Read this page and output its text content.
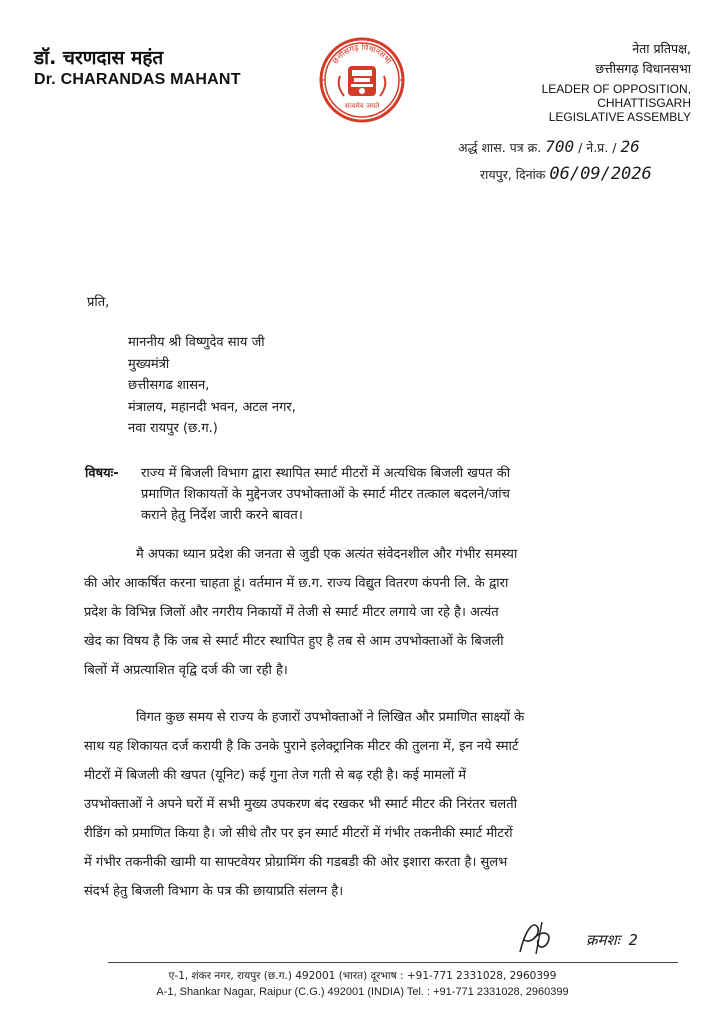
डॉ. चरणदास महंत
Dr. CHARANDAS MAHANT
छत्तीसगढ़ विधानसभा
सत्यमेव जयते
नेता प्रतिपक्ष,
छत्तीसगढ़ विधानसभा
LEADER OF OPPOSITION,
CHHATTISGARH
LEGISLATIVE ASSEMBLY
अर्द्ध शास. पत्र क्र. 700 / ने.प्र. / 26
रायपुर, दिनांक 06/09/2026
प्रति,
माननीय श्री विष्णुदेव साय जी
मुख्यमंत्री
छत्तीसगढ शासन,
मंत्रालय, महानदी भवन, अटल नगर,
नवा रायपुर (छ.ग.)
विषयः- राज्य में बिजली विभाग द्वारा स्थापित स्मार्ट मीटरों में अत्यधिक बिजली खपत की
प्रमाणित शिकायतों के मुद्देनजर उपभोक्ताओं के स्मार्ट मीटर तत्काल बदलने/जांच
कराने हेतु निर्देश जारी करने बावत।
मै अपका ध्यान प्रदेश की जनता से जुडी एक अत्यंत संवेदनशील और गंभीर समस्या
की ओर आकर्षित करना चाहता हूं। वर्तमान में छ.ग. राज्य विद्युत वितरण कंपनी लि. के द्वारा
प्रदेश के विभिन्न जिलों और नगरीय निकायों में तेजी से स्मार्ट मीटर लगाये जा रहे है। अत्यंत
खेद का विषय है कि जब से स्मार्ट मीटर स्थापित हुए है तब से आम उपभोक्ताओं के बिजली
बिलों में अप्रत्याशित वृद्वि दर्ज की जा रही है।
विगत कुछ समय से राज्य के हजारों उपभोक्ताओं ने लिखित और प्रमाणित साक्ष्यों के
साथ यह शिकायत दर्ज करायी है कि उनके पुराने इलेक्ट्रानिक मीटर की तुलना में, इन नये स्मार्ट
मीटरों में बिजली की खपत (यूनिट) कई गुना तेज गती से बढ़ रही है। कई मामलों में
उपभोक्ताओं ने अपने घरों में सभी मुख्य उपकरण बंद रखकर भी स्मार्ट मीटर की निरंतर चलती
रीडिंग को प्रमाणित किया है। जो सीधे तौर पर इन स्मार्ट मीटरों में गंभीर तकनीकी स्मार्ट मीटरों
में गंभीर तकनीकी खामी या साफ्टवेयर प्रोग्रामिंग की गडबडी की ओर इशारा करता है। सुलभ
संदर्भ हेतु बिजली विभाग के पत्र की छायाप्रति संलग्न है।
क्रमशः 2
ए-1, शंकर नगर, रायपुर (छ.ग.) 492001 (भारत) दूरभाष : +91-771 2331028, 2960399
A-1, Shankar Nagar, Raipur (C.G.) 492001 (INDIA) Tel. : +91-771 2331028, 2960399
